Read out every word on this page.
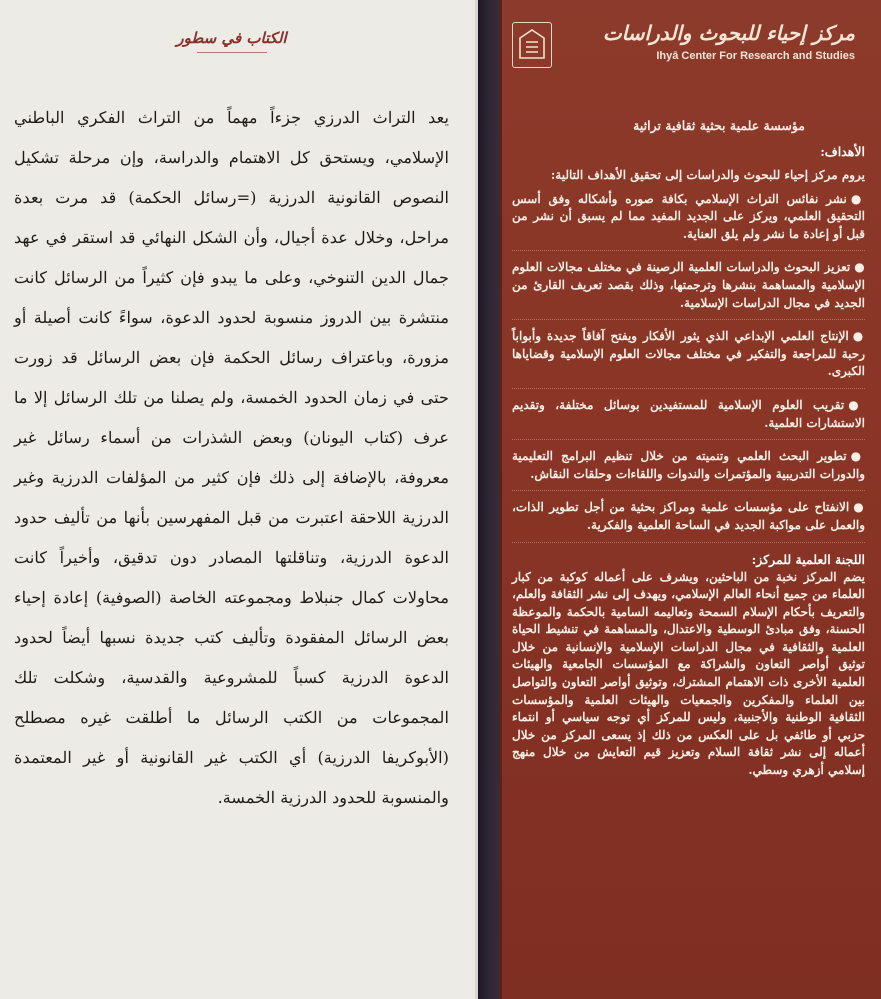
الكتاب في سطور

يعد التراث الدرزي جزءاً مهماً من التراث الفكري الباطني الإسلامي، ويستحق كل الاهتمام والدراسة، وإن مرحلة تشكيل النصوص القانونية الدرزية (=رسائل الحكمة) قد مرت بعدة مراحل، وخلال عدة أجيال، وأن الشكل النهائي قد استقر في عهد جمال الدين التنوخي، وعلى ما يبدو فإن كثيراً من الرسائل كانت منتشرة بين الدروز منسوبة لحدود الدعوة، سواءً كانت أصيلة أو مزورة، وباعتراف رسائل الحكمة فإن بعض الرسائل قد زورت حتى في زمان الحدود الخمسة، ولم يصلنا من تلك الرسائل إلا ما عرف (كتاب اليونان) وبعض الشذرات من أسماء رسائل غير معروفة، بالإضافة إلى ذلك فإن كثير من المؤلفات الدرزية وغير الدرزية اللاحقة اعتبرت من قبل المفهرسين بأنها من تأليف حدود الدعوة الدرزية، وتناقلتها المصادر دون تدقيق، وأخيراً كانت محاولات كمال جنبلاط ومجموعته الخاصة (الصوفية) إعادة إحياء بعض الرسائل المفقودة وتأليف كتب جديدة نسبها أيضاً لحدود الدعوة الدرزية كسباً للمشروعية والقدسية، وشكلت تلك المجموعات من الكتب الرسائل ما أطلقت غيره مصطلح (الأبوكريفا الدرزية) أي الكتب غير القانونية أو غير المعتمدة والمنسوبة للحدود الدرزية الخمسة.

مركز إحياء للبحوث والدراسات
Ihyā Center For Research and Studies
مؤسسة علمية بحثية ثقافية تراثية
الأهداف:
يروم مركز إحياء للبحوث والدراسات إلى تحقيق الأهداف التالية:
●نشر نفائس التراث الإسلامي بكافة صوره وأشكاله وفق أسس التحقيق العلمي، ويركز على الجديد المفيد مما لم يسبق أن نشر من قبل أو إعادة ما نشر ولم يلق العناية.
●تعزيز البحوث والدراسات العلمية الرصينة في مختلف مجالات العلوم الإسلامية والمساهمة بنشرها وترجمتها، وذلك بقصد تعريف القارئ من الجديد في مجال الدراسات الإسلامية.
●الإنتاج العلمي الإبداعي الذي يثور الأفكار ويفتح آفاقاً جديدة وأبواباً رحبة للمراجعة والتفكير في مختلف مجالات العلوم الإسلامية وقضاياها الكبرى.
●تقريب العلوم الإسلامية للمستفيدين بوسائل مختلفة، وتقديم الاستشارات العلمية.
●تطوير البحث العلمي وتنميته من خلال تنظيم البرامج التعليمية والدورات التدريبية والمؤتمرات والندوات واللقاءات وحلقات النقاش.
●الانفتاح على مؤسسات علمية ومراكز بحثية من أجل تطوير الذات، والعمل على مواكبة الجديد في الساحة العلمية والفكرية.
اللجنة العلمية للمركز:
يضم المركز نخبة من الباحثين، ويشرف على أعماله كوكبة من كبار العلماء من جميع أنحاء العالم الإسلامي، ويهدف إلى نشر الثقافة والعلم، والتعريف بأحكام الإسلام السمحة وتعاليمه السامية بالحكمة والموعظة الحسنة، وفق مبادئ الوسطية والاعتدال، والمساهمة في تنشيط الحياة العلمية والثقافية في مجال الدراسات الإسلامية والإنسانية من خلال توثيق أواصر التعاون والشراكة مع المؤسسات الجامعية والهيئات العلمية الأخرى ذات الاهتمام المشترك، وتوثيق أواصر التعاون والتواصل بين العلماء والمفكرين والجمعيات والهيئات العلمية والمؤسسات الثقافية الوطنية والأجنبية، وليس للمركز أي توجه سياسي أو انتماء حزبي أو طائفي بل على العكس من ذلك إذ يسعى المركز من خلال أعماله إلى نشر ثقافة السلام وتعزيز قيم التعايش من خلال منهج إسلامي أزهري وسطي.
